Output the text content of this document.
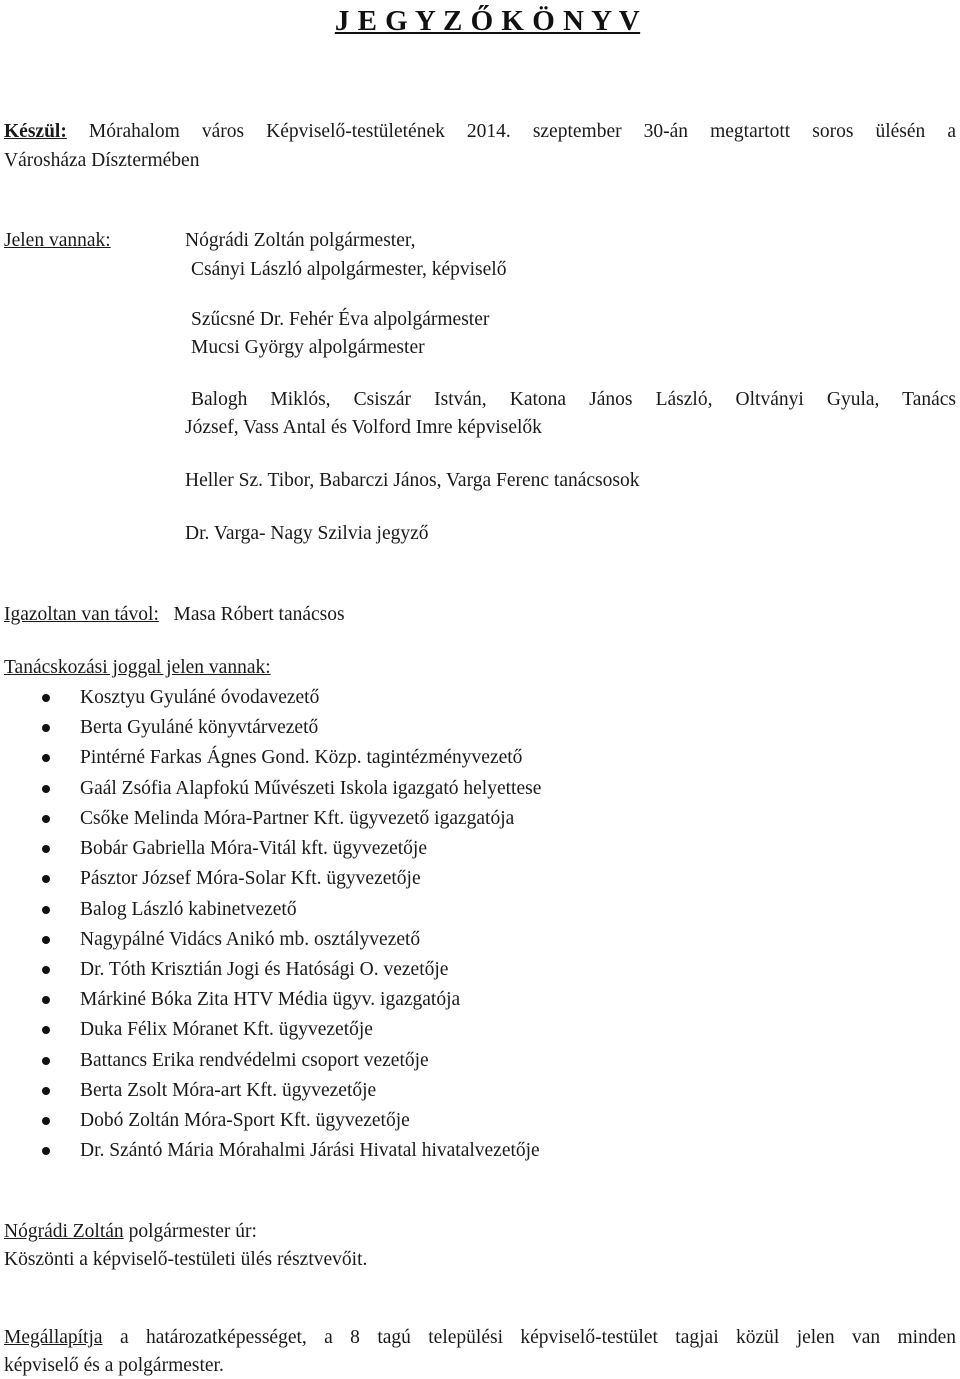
J E G Y Z Ő K Ö N Y V
Készül: Mórahalom város Képviselő-testületének 2014. szeptember 30-án megtartott soros ülésén a
Városháza Dísztermében
Jelen vannak:	Nógrádi Zoltán polgármester,
Csányi László alpolgármester, képviselő
Szűcsné Dr. Fehér Éva alpolgármester
Mucsi György alpolgármester
Balogh Miklós, Csiszár István, Katona János László, Oltványi Gyula, Tanács
József, Vass Antal és Volford Imre képviselők
Heller Sz. Tibor, Babarczi János, Varga Ferenc tanácsosok
Dr. Varga- Nagy Szilvia jegyző
Igazoltan van távol: Masa Róbert tanácsos
Tanácskozási joggal jelen vannak:
Kosztyu Gyuláné óvodavezető
Berta Gyuláné könyvtárvezető
Pintérné Farkas Ágnes Gond. Közp. tagintézményvezető
Gaál Zsófia Alapfokú Művészeti Iskola igazgató helyettese
Csőke Melinda Móra-Partner Kft. ügyvezető igazgatója
Bobár Gabriella Móra-Vitál kft. ügyvezetője
Pásztor József Móra-Solar Kft. ügyvezetője
Balog László kabinetvezető
Nagypálné Vidács Anikó mb. osztályvezető
Dr. Tóth Krisztián Jogi és Hatósági O. vezetője
Márkiné Bóka Zita HTV Média ügyv. igazgatója
Duka Félix Móranet Kft. ügyvezetője
Battancs Erika rendvédelmi csoport vezetője
Berta Zsolt Móra-art Kft. ügyvezetője
Dobó Zoltán Móra-Sport Kft. ügyvezetője
Dr. Szántó Mária Mórahalmi Járási Hivatal hivatalvezetője
Nógrádi Zoltán polgármester úr:
Köszönti a képviselő-testületi ülés résztvevőit.
Megállapítja a határozatképességet, a 8 tagú települési képviselő-testület tagjai közül jelen van minden
képviselő és a polgármester.
